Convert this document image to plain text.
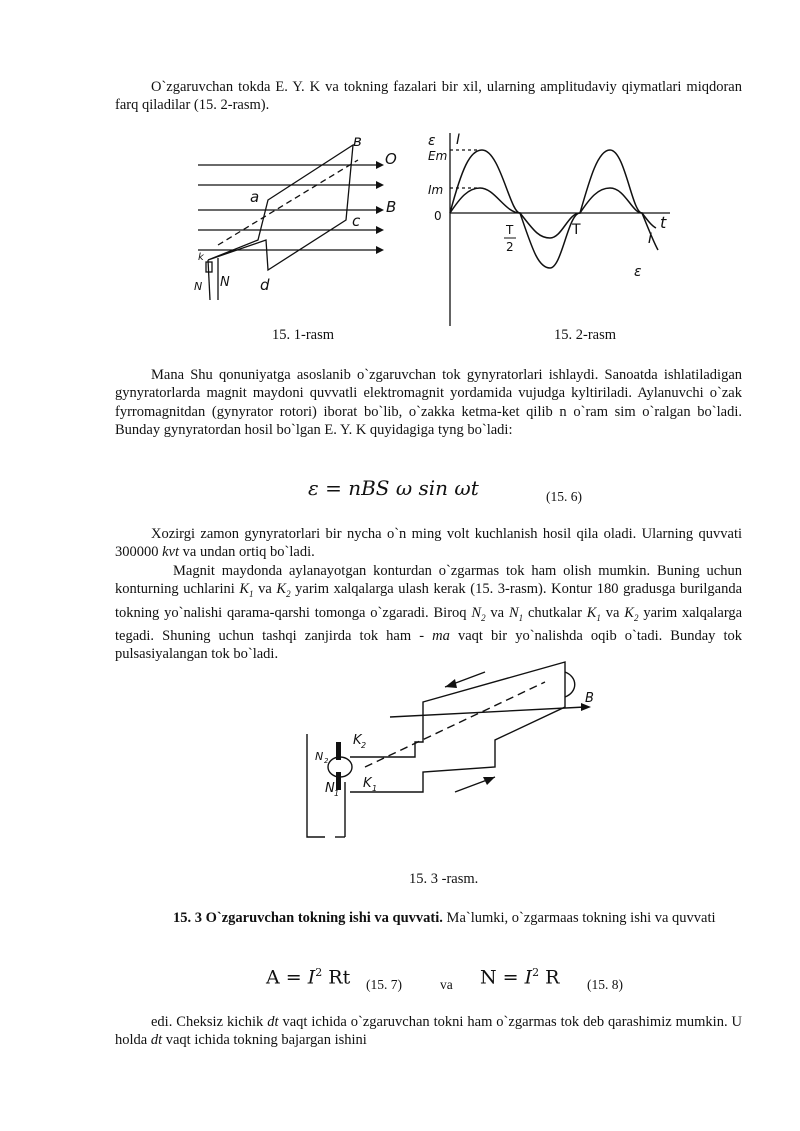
O`zgaruvchan tokda E. Y. K va tokning fazalari bir xil, ularning amplitudaviy qiymatlari miqdoran farq qiladilar (15. 2-rasm).

a
в
c
d
O
B
k
N N
ε I
Em
Im
0
T
2
T	t
I
ε
15. 1-rasm	15. 2-rasm

Mana Shu qonuniyatga asoslanib o`zgaruvchan tok gynyratorlari ishlaydi. Sanoatda ishlatiladigan gynyratorlarda magnit maydoni quvvatli elektromagnit yordamida vujudga kyltiriladi. Aylanuvchi o`zak fyrromagnitdan (gynyrator rotori) iborat bo`lib, o`zakka ketma-ket qilib n o`ram sim o`ralgan bo`ladi. Bunday gynyratordan hosil bo`lgan E. Y. K quyidagiga tyng bo`ladi:

ε = nBS ω sin ωt	(15. 6)

Xozirgi zamon gynyratorlari bir nycha o`n ming volt kuchlanish hosil qila oladi. Ularning quvvati 300000 kvt va undan ortiq bo`ladi.

Magnit maydonda aylanayotgan konturdan o`zgarmas tok ham olish mumkin. Buning uchun konturning uchlarini $K_1$ va $K_2$ yarim xalqalarga ulash kerak (15. 3-rasm). Kontur 180 gradusga burilganda tokning yo`nalishi qarama-qarshi tomonga o`zgaradi. Biroq $N_2$ va $N_1$ chutkalar $K_1$ va $K_2$ yarim xalqalarga tegadi. Shuning uchun tashqi zanjirda tok ham - ma vaqt bir yo`nalishda oqib o`tadi. Bunday tok pulsasiyalangan tok bo`ladi.

B
K 2
K 1
N 2
N 1
15. 3 -rasm.

15. 3 O`zgaruvchan tokning ishi va quvvati. Ma`lumki, o`zgarmaas tokning ishi va quvvati

$A = I^2$ Rt (15. 7)	va $N = I^2$ R (15. 8)

edi. Cheksiz kichik dt vaqt ichida o`zgaruvchan tokni ham o`zgarmas tok deb qarashimiz mumkin. U holda dt vaqt ichida tokning bajargan ishini
